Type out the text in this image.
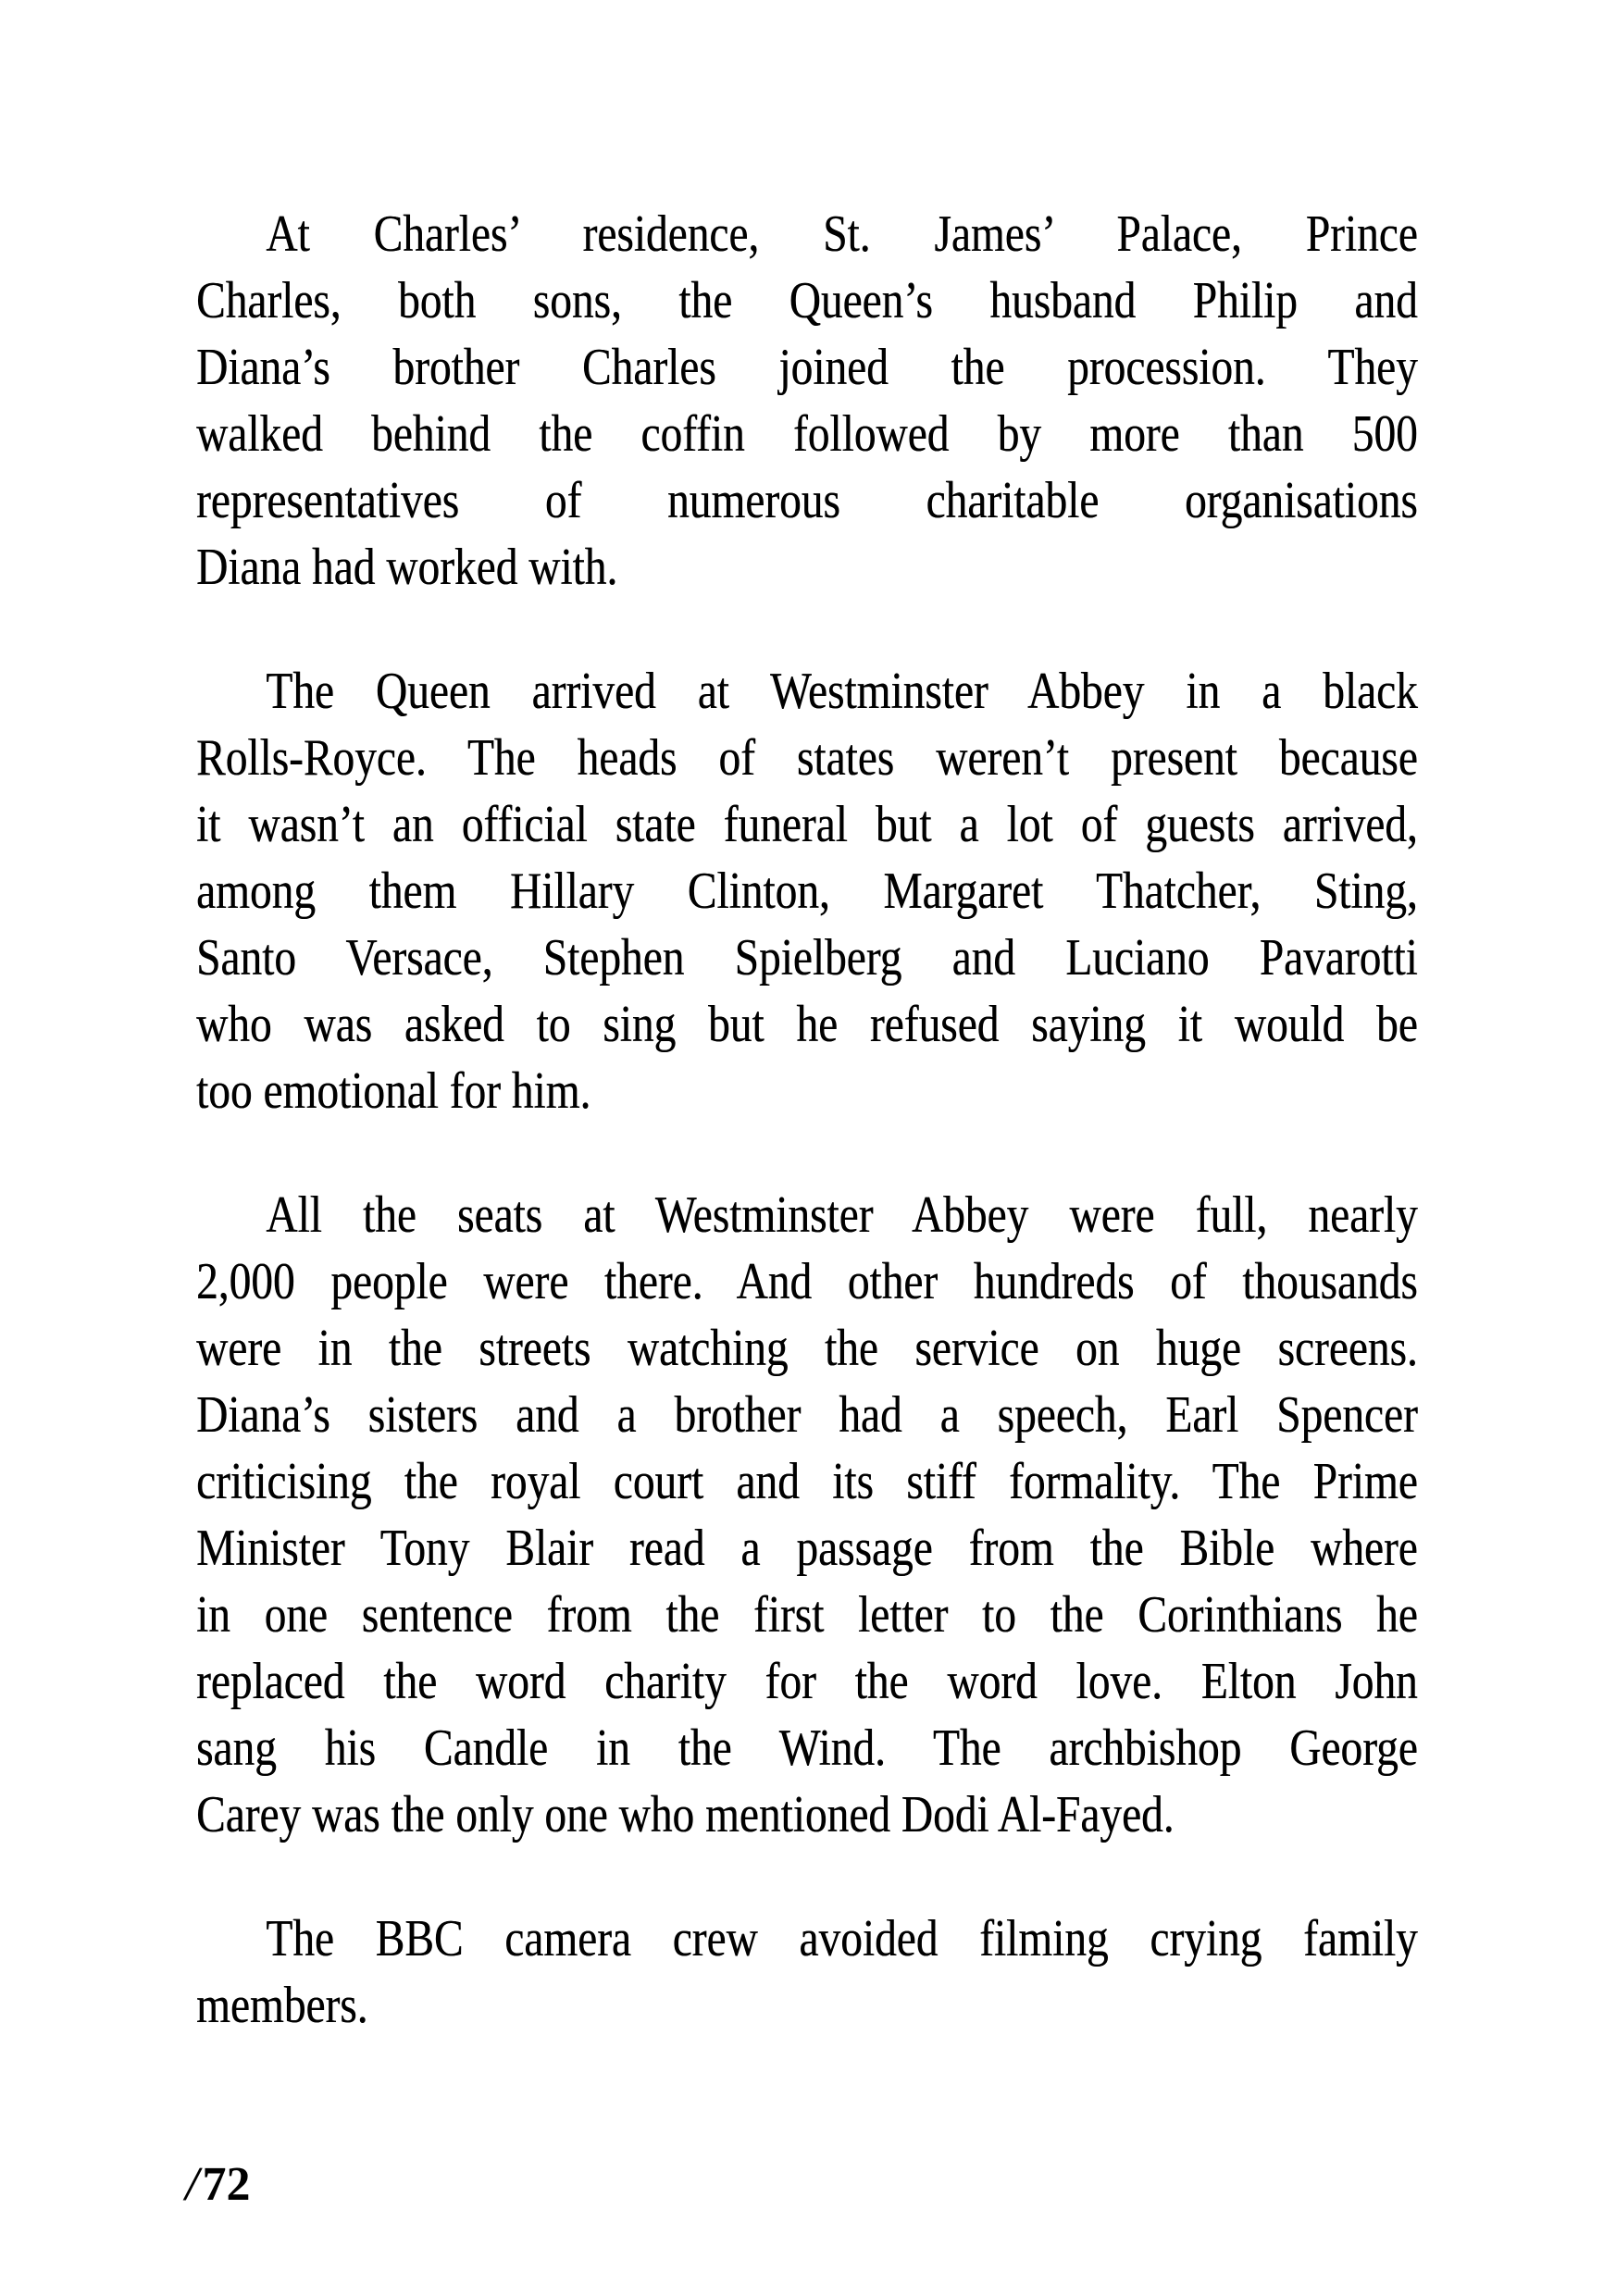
At Charles’ residence, St. James’ Palace, Prince
Charles, both sons, the Queen’s husband Philip and
Diana’s brother Charles joined the procession. They
walked behind the coffin followed by more than 500
representatives of numerous charitable organisations
Diana had worked with.
The Queen arrived at Westminster Abbey in a black
Rolls-Royce. The heads of states weren’t present because
it wasn’t an official state funeral but a lot of guests arrived,
among them Hillary Clinton, Margaret Thatcher, Sting,
Santo Versace, Stephen Spielberg and Luciano Pavarotti
who was asked to sing but he refused saying it would be
too emotional for him.
All the seats at Westminster Abbey were full, nearly
2,000 people were there. And other hundreds of thousands
were in the streets watching the service on huge screens.
Diana’s sisters and a brother had a speech, Earl Spencer
criticising the royal court and its stiff formality. The Prime
Minister Tony Blair read a passage from the Bible where
in one sentence from the first letter to the Corinthians he
replaced the word charity for the word love. Elton John
sang his Candle in the Wind. The archbishop George
Carey was the only one who mentioned Dodi Al-Fayed.
The BBC camera crew avoided filming crying family
members.
/72
